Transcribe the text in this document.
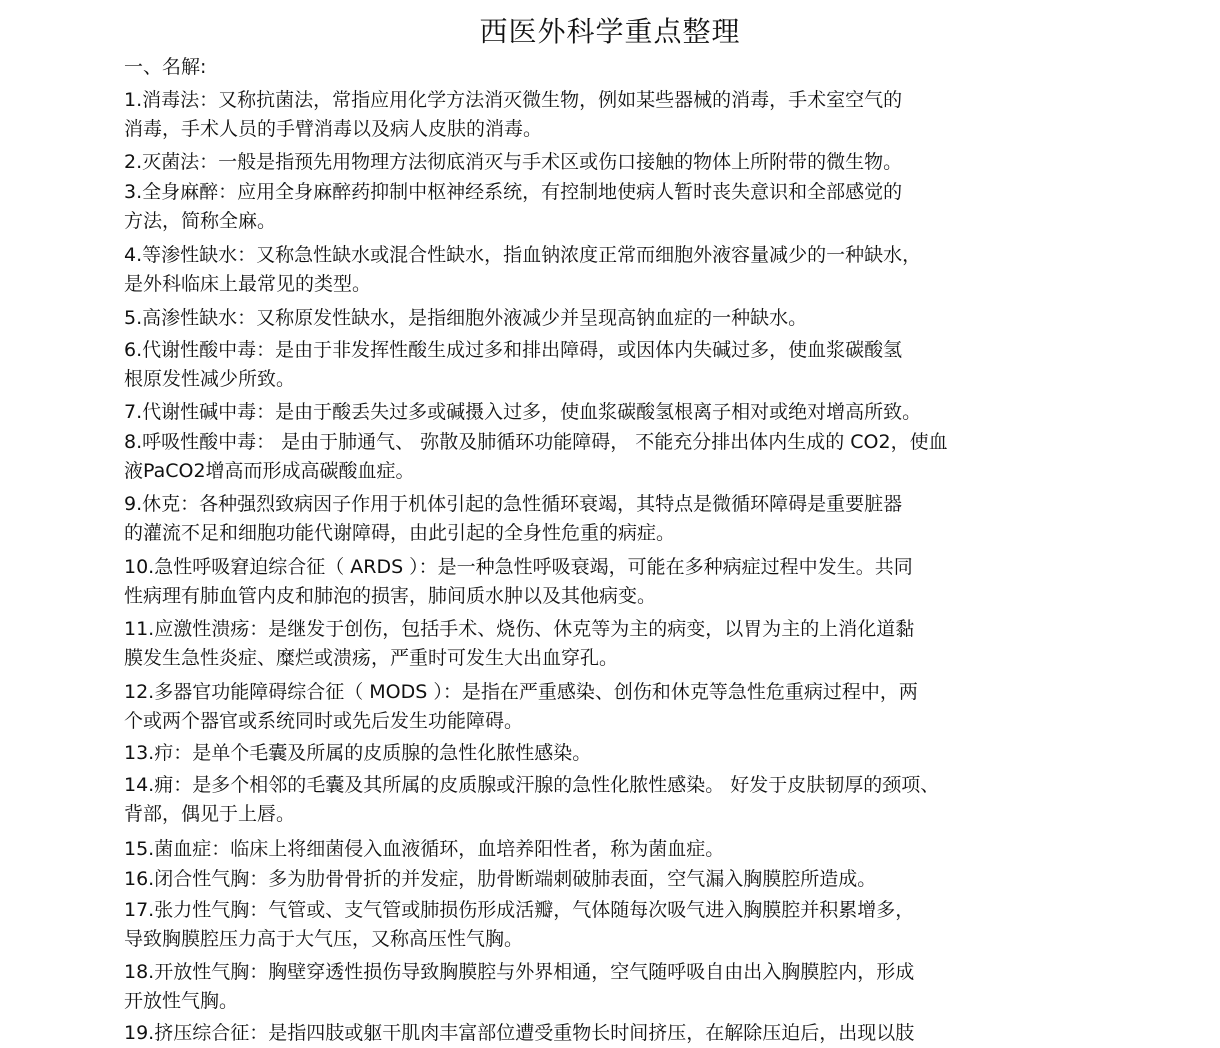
西医外科学重点整理
一、名解:

1.消毒法：又称抗菌法，常指应用化学方法消灭微生物，例如某些器械的消毒，手术室空气的
消毒，手术人员的手臂消毒以及病人皮肤的消毒。

2.灭菌法：一般是指预先用物理方法彻底消灭与手术区或伤口接触的物体上所附带的微生物。

3.全身麻醉：应用全身麻醉药抑制中枢神经系统，有控制地使病人暂时丧失意识和全部感觉的
方法，简称全麻。

4.等渗性缺水：又称急性缺水或混合性缺水，指血钠浓度正常而细胞外液容量减少的一种缺水，
是外科临床上最常见的类型。

5.高渗性缺水：又称原发性缺水，是指细胞外液减少并呈现高钠血症的一种缺水。

6.代谢性酸中毒：是由于非发挥性酸生成过多和排出障碍，或因体内失碱过多，使血浆碳酸氢
根原发性减少所致。

7.代谢性碱中毒：是由于酸丢失过多或碱摄入过多，使血浆碳酸氢根离子相对或绝对增高所致。

8.呼吸性酸中毒： 是由于肺通气、 弥散及肺循环功能障碍， 不能充分排出体内生成的 CO2，使血
液PaCO2增高而形成高碳酸血症。

9.休克：各种强烈致病因子作用于机体引起的急性循环衰竭，其特点是微循环障碍是重要脏器
的灌流不足和细胞功能代谢障碍，由此引起的全身性危重的病症。

10.急性呼吸窘迫综合征（ ARDS ）：是一种急性呼吸衰竭，可能在多种病症过程中发生。共同
性病理有肺血管内皮和肺泡的损害，肺间质水肿以及其他病变。

11.应激性溃疡：是继发于创伤，包括手术、烧伤、休克等为主的病变，以胃为主的上消化道黏
膜发生急性炎症、糜烂或溃疡，严重时可发生大出血穿孔。

12.多器官功能障碍综合征（ MODS ）：是指在严重感染、创伤和休克等急性危重病过程中，两
个或两个器官或系统同时或先后发生功能障碍。

13.疖：是单个毛囊及所属的皮质腺的急性化脓性感染。

14.痈：是多个相邻的毛囊及其所属的皮质腺或汗腺的急性化脓性感染。 好发于皮肤韧厚的颈项、
背部，偶见于上唇。

15.菌血症：临床上将细菌侵入血液循环，血培养阳性者，称为菌血症。

16.闭合性气胸：多为肋骨骨折的并发症，肋骨断端刺破肺表面，空气漏入胸膜腔所造成。

17.张力性气胸：气管或、支气管或肺损伤形成活瓣，气体随每次吸气进入胸膜腔并积累增多，
导致胸膜腔压力高于大气压，又称高压性气胸。

18.开放性气胸：胸壁穿透性损伤导致胸膜腔与外界相通，空气随呼吸自由出入胸膜腔内，形成
开放性气胸。

19.挤压综合征：是指四肢或躯干肌肉丰富部位遭受重物长时间挤压，在解除压迫后，出现以肢
